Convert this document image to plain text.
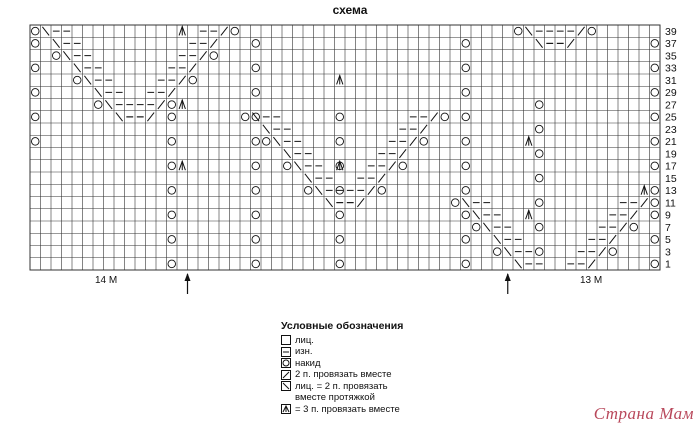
схема
39
37
35
33
31
29
27
25
23
21
19
17
15
13
11
9
7
5
3
1
14 М	13 М
Условные обозначения
лиц.
изн.
накид
2 п. провязать вместе
лиц. = 2 п. провязать
вместе протяжкой
= 3 п. провязать вместе	Страна Мам
